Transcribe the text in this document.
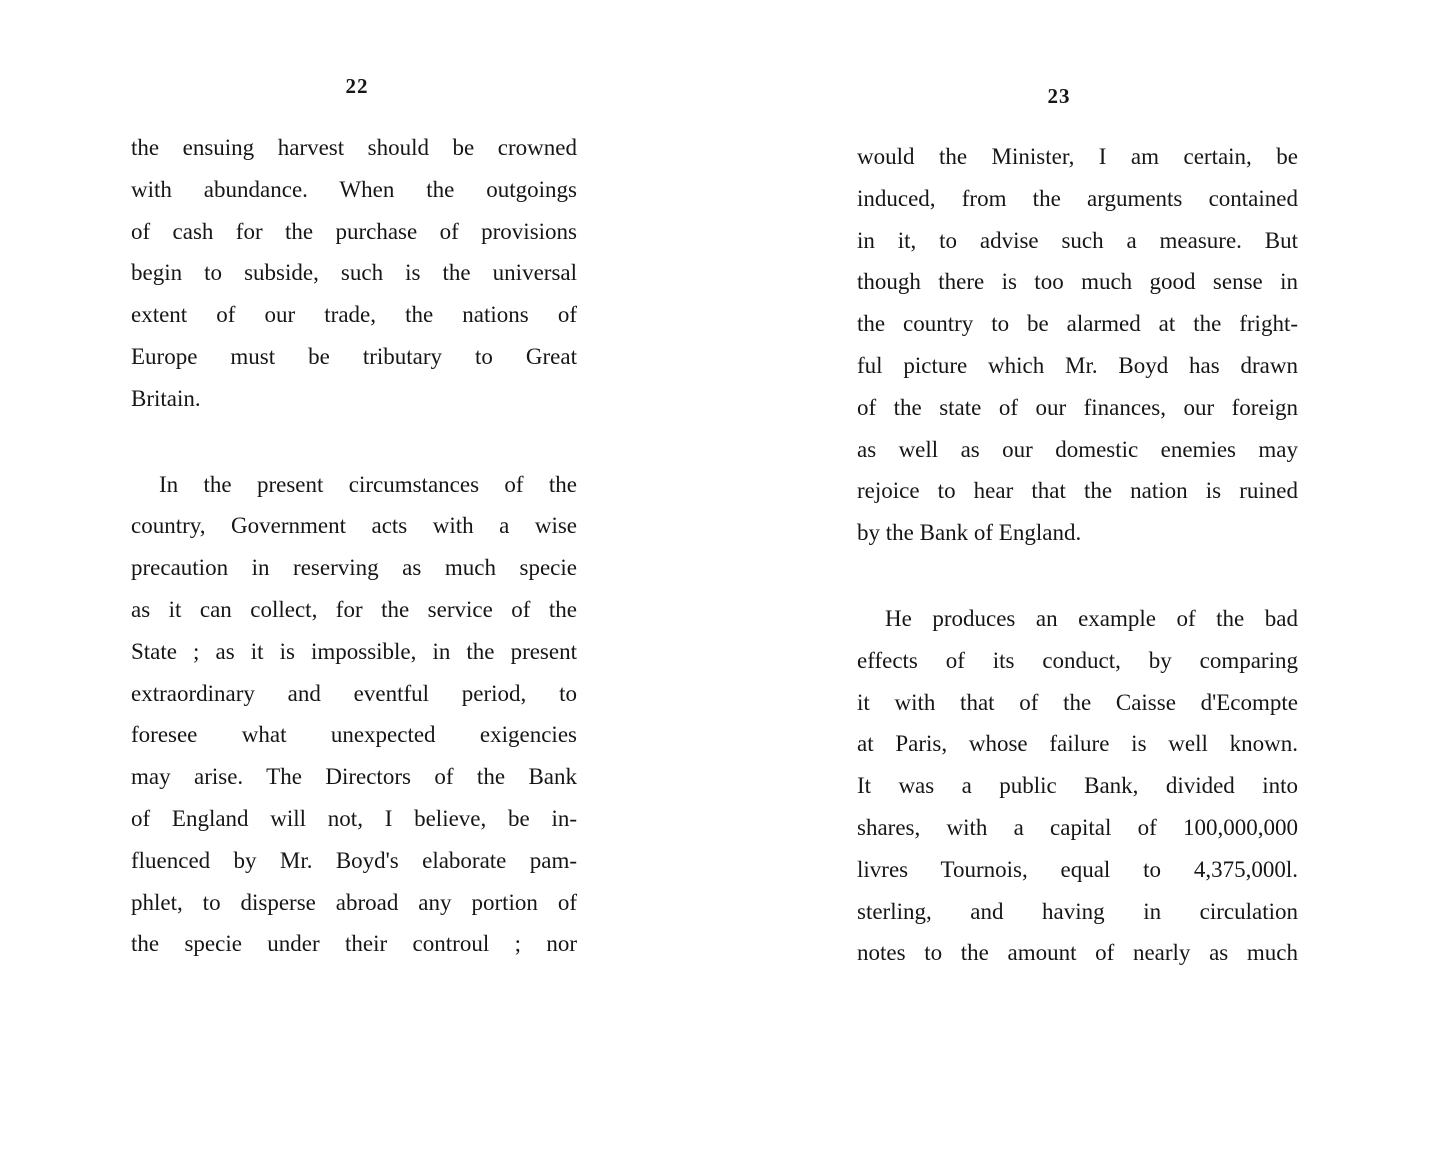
22

the ensuing harvest should be crowned
with abundance. When the outgoings
of cash for the purchase of provisions
begin to subside, such is the universal
extent of our trade, the nations of
Europe must be tributary to Great
Britain.

In the present circumstances of the
country, Government acts with a wise
precaution in reserving as much specie
as it can collect, for the service of the
State ; as it is impossible, in the present
extraordinary and eventful period, to
foresee what unexpected exigencies
may arise. The Directors of the Bank
of England will not, I believe, be in-
fluenced by Mr. Boyd's elaborate pam-
phlet, to disperse abroad any portion of
the specie under their controul ; nor

23

would the Minister, I am certain, be
induced, from the arguments contained
in it, to advise such a measure. But
though there is too much good sense in
the country to be alarmed at the fright-
ful picture which Mr. Boyd has drawn
of the state of our finances, our foreign
as well as our domestic enemies may
rejoice to hear that the nation is ruined
by the Bank of England.

He produces an example of the bad
effects of its conduct, by comparing
it with that of the Caisse d'Ecompte
at Paris, whose failure is well known.
It was a public Bank, divided into
shares, with a capital of 100,000,000
livres Tournois, equal to 4,375,000l.
sterling, and having in circulation
notes to the amount of nearly as much
